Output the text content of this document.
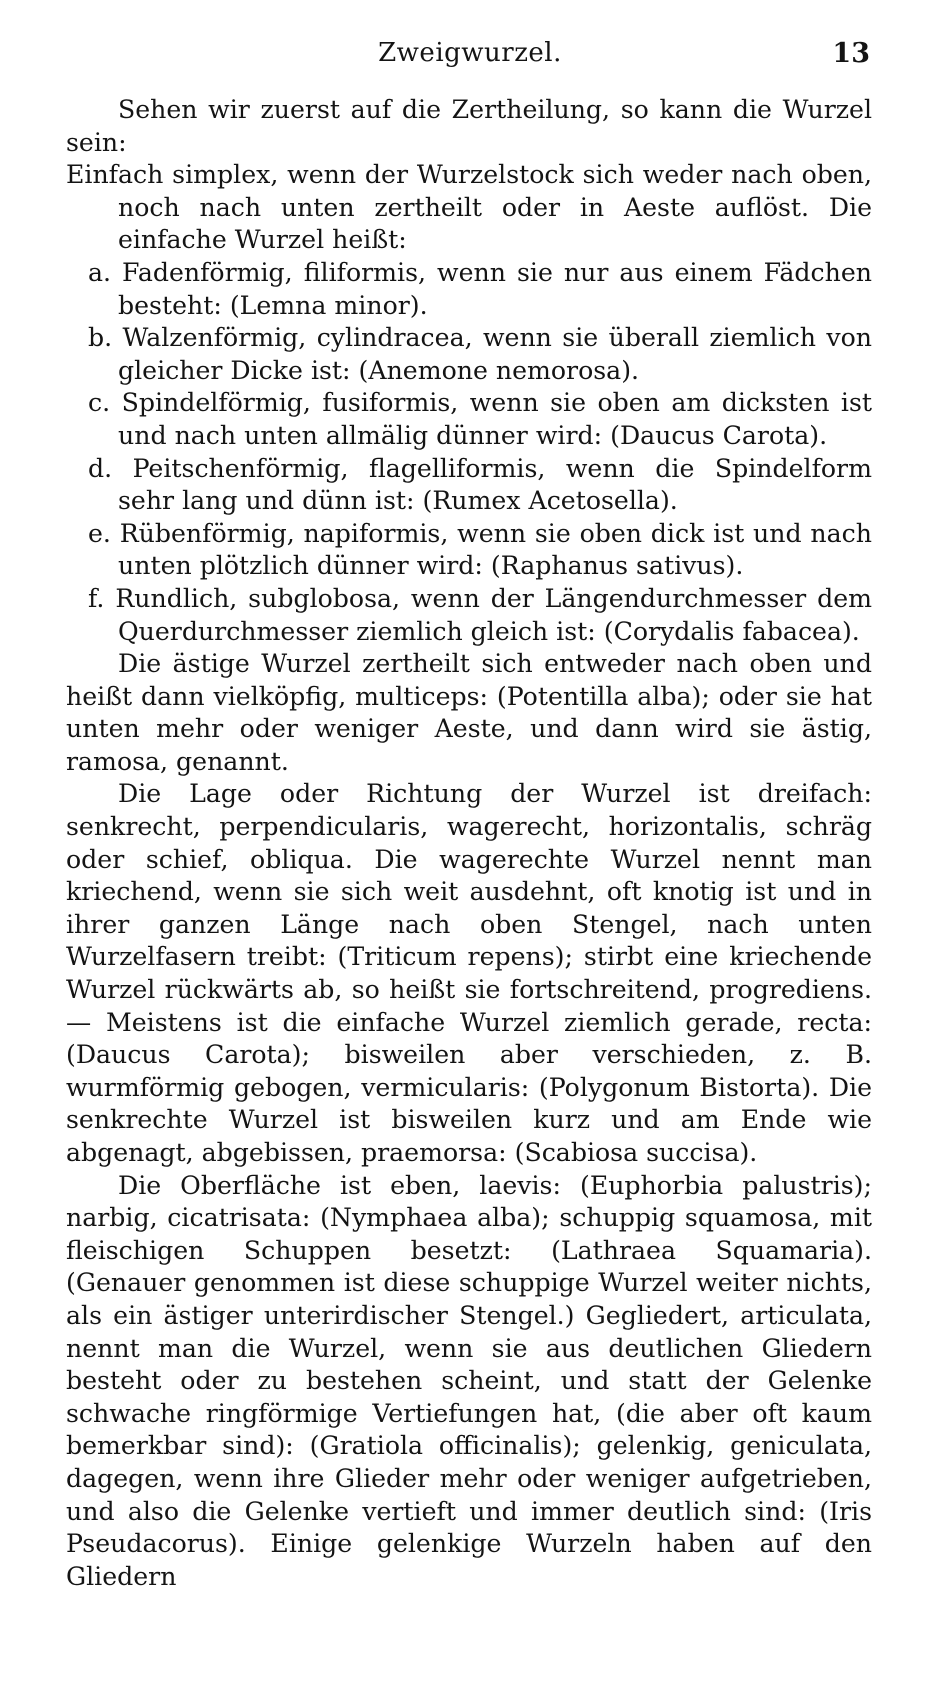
Zweigwurzel.	13

Sehen wir zuerst auf die Zertheilung, so kann die Wurzel sein:

Einfach simplex, wenn der Wurzelstock sich weder nach oben, noch nach unten zertheilt oder in Aeste auflöst. Die einfache Wurzel heißt:

a. Fadenförmig, filiformis, wenn sie nur aus einem Fädchen besteht: (Lemna minor).

b. Walzenförmig, cylindracea, wenn sie überall ziemlich von gleicher Dicke ist: (Anemone nemorosa).

c. Spindelförmig, fusiformis, wenn sie oben am dicksten ist und nach unten allmälig dünner wird: (Daucus Carota).

d. Peitschenförmig, flagelliformis, wenn die Spindelform sehr lang und dünn ist: (Rumex Acetosella).

e. Rübenförmig, napiformis, wenn sie oben dick ist und nach unten plötzlich dünner wird: (Raphanus sativus).

f. Rundlich, subglobosa, wenn der Längendurchmesser dem Querdurchmesser ziemlich gleich ist: (Corydalis fabacea).

Die ästige Wurzel zertheilt sich entweder nach oben und heißt dann vielköpfig, multiceps: (Potentilla alba); oder sie hat unten mehr oder weniger Aeste, und dann wird sie ästig, ramosa, genannt.

Die Lage oder Richtung der Wurzel ist dreifach: senkrecht, perpendicularis, wagerecht, horizontalis, schräg oder schief, obliqua. Die wagerechte Wurzel nennt man kriechend, wenn sie sich weit ausdehnt, oft knotig ist und in ihrer ganzen Länge nach oben Stengel, nach unten Wurzelfasern treibt: (Triticum repens); stirbt eine kriechende Wurzel rückwärts ab, so heißt sie fortschreitend, progrediens. — Meistens ist die einfache Wurzel ziemlich gerade, recta: (Daucus Carota); bisweilen aber verschieden, z. B. wurmförmig gebogen, vermicularis: (Polygonum Bistorta). Die senkrechte Wurzel ist bisweilen kurz und am Ende wie abgenagt, abgebissen, praemorsa: (Scabiosa succisa).

Die Oberfläche ist eben, laevis: (Euphorbia palustris); narbig, cicatrisata: (Nymphaea alba); schuppig squamosa, mit fleischigen Schuppen besetzt: (Lathraea Squamaria). (Genauer genommen ist diese schuppige Wurzel weiter nichts, als ein ästiger unterirdischer Stengel.) Gegliedert, articulata, nennt man die Wurzel, wenn sie aus deutlichen Gliedern besteht oder zu bestehen scheint, und statt der Gelenke schwache ringförmige Vertiefungen hat, (die aber oft kaum bemerkbar sind): (Gratiola officinalis); gelenkig, geniculata, dagegen, wenn ihre Glieder mehr oder weniger aufgetrieben, und also die Gelenke vertieft und immer deutlich sind: (Iris Pseudacorus). Einige gelenkige Wurzeln haben auf den Gliedern
